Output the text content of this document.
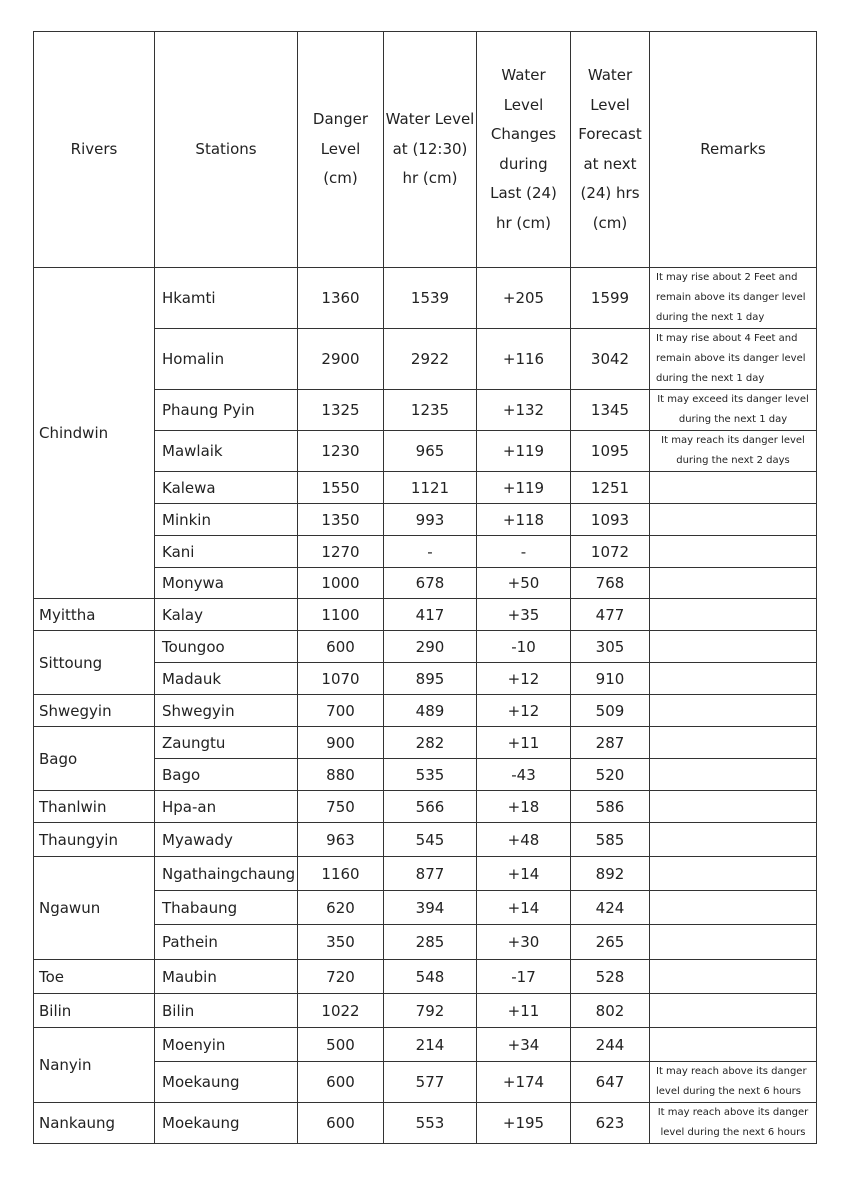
Rivers	Stations	Danger Level (cm)	Water Level at (12:30) hr (cm)	Water Level Changes during Last (24) hr (cm)	Water Level Forecast at next (24) hrs (cm)	Remarks
Chindwin	Hkamti	1360	1539	+205	1599	It may rise about 2 Feet and
remain above its danger level
during the next 1 day

	Homalin	2900	2922	+116	3042	It may rise about 4 Feet and
remain above its danger level
during the next 1 day

	Phaung Pyin	1325	1235	+132	1345	It may exceed its danger level
during the next 1 day

	Mawlaik	1230	965	+119	1095	It may reach its danger level
during the next 2 days

	Kalewa	1550	1121	+119	1251	
	Minkin	1350	993	+118	1093	
	Kani	1270	-	-	1072	
	Monywa	1000	678	+50	768	
Myittha	Kalay	1100	417	+35	477	
Sittoung	Toungoo	600	290	-10	305	
	Madauk	1070	895	+12	910	
Shwegyin	Shwegyin	700	489	+12	509	
Bago	Zaungtu	900	282	+11	287	
	Bago	880	535	-43	520	
Thanlwin	Hpa-an	750	566	+18	586	
Thaungyin	Myawady	963	545	+48	585	
Ngawun	Ngathaingchaung	1160	877	+14	892	
	Thabaung	620	394	+14	424	
	Pathein	350	285	+30	265	
Toe	Maubin	720	548	-17	528	
Bilin	Bilin	1022	792	+11	802	
Nanyin	Moenyin	500	214	+34	244	
	Moekaung	600	577	+174	647	It may reach above its danger
level during the next 6 hours

Nankaung	Moekaung	600	553	+195	623	It may reach above its danger
level during the next 6 hours
